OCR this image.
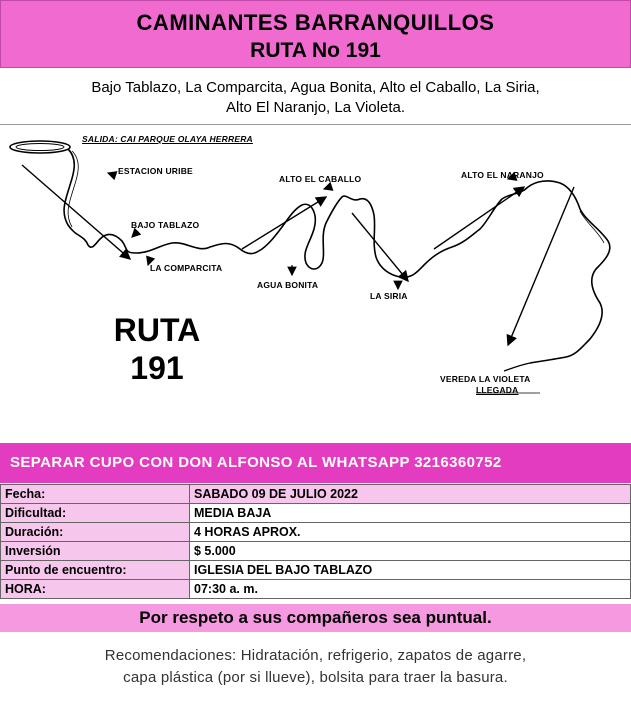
CAMINANTES BARRANQUILLOS
RUTA No 191
Bajo Tablazo, La Comparcita, Agua Bonita, Alto el Caballo, La Siria,
Alto El Naranjo, La Violeta.
SALIDA: CAI PARQUE OLAYA HERRERA
ESTACION URIBE
BAJO TABLAZO
LA COMPARCITA
AGUA BONITA
ALTO EL CABALLO
LA SIRIA
ALTO EL NARANJO
VEREDA LA VIOLETA
LLEGADA
RUTA
191
SEPARAR CUPO CON DON ALFONSO AL WHATSAPP 3216360752
Fecha:	SABADO 09 DE JULIO 2022
Dificultad:	MEDIA BAJA
Duración:	4 HORAS APROX.
Inversión	$ 5.000
Punto de encuentro:	IGLESIA DEL BAJO TABLAZO
HORA:	07:30 a. m.
Por respeto a sus compañeros sea puntual.
Recomendaciones: Hidratación, refrigerio, zapatos de agarre,
capa plástica (por si llueve), bolsita para traer la basura.
